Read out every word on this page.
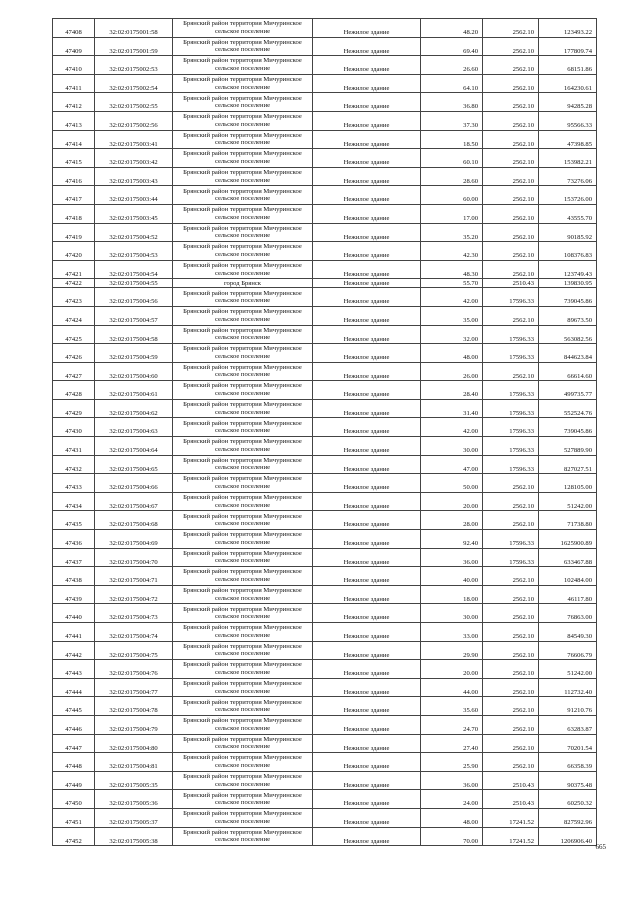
47408	32:02:0175001:58	Брянский район территория Мичуринское сельское поселение	Нежилое здание	48.20	2562.10	123493.22
47409	32:02:0175001:59	Брянский район территория Мичуринское сельское поселение	Нежилое здание	69.40	2562.10	177809.74
47410	32:02:0175002:53	Брянский район территория Мичуринское сельское поселение	Нежилое здание	26.60	2562.10	68151.86
47411	32:02:0175002:54	Брянский район территория Мичуринское сельское поселение	Нежилое здание	64.10	2562.10	164230.61
47412	32:02:0175002:55	Брянский район территория Мичуринское сельское поселение	Нежилое здание	36.80	2562.10	94285.28
47413	32:02:0175002:56	Брянский район территория Мичуринское сельское поселение	Нежилое здание	37.30	2562.10	95566.33
47414	32:02:0175003:41	Брянский район территория Мичуринское сельское поселение	Нежилое здание	18.50	2562.10	47398.85
47415	32:02:0175003:42	Брянский район территория Мичуринское сельское поселение	Нежилое здание	60.10	2562.10	153982.21
47416	32:02:0175003:43	Брянский район территория Мичуринское сельское поселение	Нежилое здание	28.60	2562.10	73276.06
47417	32:02:0175003:44	Брянский район территория Мичуринское сельское поселение	Нежилое здание	60.00	2562.10	153726.00
47418	32:02:0175003:45	Брянский район территория Мичуринское сельское поселение	Нежилое здание	17.00	2562.10	43555.70
47419	32:02:0175004:52	Брянский район территория Мичуринское сельское поселение	Нежилое здание	35.20	2562.10	90185.92
47420	32:02:0175004:53	Брянский район территория Мичуринское сельское поселение	Нежилое здание	42.30	2562.10	108376.83
47421	32:02:0175004:54	Брянский район территория Мичуринское сельское поселение	Нежилое здание	48.30	2562.10	123749.43
47422	32:02:0175004:55	город Брянск	Нежилое здание	55.70	2510.43	139830.95
47423	32:02:0175004:56	Брянский район территория Мичуринское сельское поселение	Нежилое здание	42.00	17596.33	739045.86
47424	32:02:0175004:57	Брянский район территория Мичуринское сельское поселение	Нежилое здание	35.00	2562.10	89673.50
47425	32:02:0175004:58	Брянский район территория Мичуринское сельское поселение	Нежилое здание	32.00	17596.33	563082.56
47426	32:02:0175004:59	Брянский район территория Мичуринское сельское поселение	Нежилое здание	48.00	17596.33	844623.84
47427	32:02:0175004:60	Брянский район территория Мичуринское сельское поселение	Нежилое здание	26.00	2562.10	66614.60
47428	32:02:0175004:61	Брянский район территория Мичуринское сельское поселение	Нежилое здание	28.40	17596.33	499735.77
47429	32:02:0175004:62	Брянский район территория Мичуринское сельское поселение	Нежилое здание	31.40	17596.33	552524.76
47430	32:02:0175004:63	Брянский район территория Мичуринское сельское поселение	Нежилое здание	42.00	17596.33	739045.86
47431	32:02:0175004:64	Брянский район территория Мичуринское сельское поселение	Нежилое здание	30.00	17596.33	527889.90
47432	32:02:0175004:65	Брянский район территория Мичуринское сельское поселение	Нежилое здание	47.00	17596.33	827027.51
47433	32:02:0175004:66	Брянский район территория Мичуринское сельское поселение	Нежилое здание	50.00	2562.10	128105.00
47434	32:02:0175004:67	Брянский район территория Мичуринское сельское поселение	Нежилое здание	20.00	2562.10	51242.00
47435	32:02:0175004:68	Брянский район территория Мичуринское сельское поселение	Нежилое здание	28.00	2562.10	71738.80
47436	32:02:0175004:69	Брянский район территория Мичуринское сельское поселение	Нежилое здание	92.40	17596.33	1625900.89
47437	32:02:0175004:70	Брянский район территория Мичуринское сельское поселение	Нежилое здание	36.00	17596.33	633467.88
47438	32:02:0175004:71	Брянский район территория Мичуринское сельское поселение	Нежилое здание	40.00	2562.10	102484.00
47439	32:02:0175004:72	Брянский район территория Мичуринское сельское поселение	Нежилое здание	18.00	2562.10	46117.80
47440	32:02:0175004:73	Брянский район территория Мичуринское сельское поселение	Нежилое здание	30.00	2562.10	76863.00
47441	32:02:0175004:74	Брянский район территория Мичуринское сельское поселение	Нежилое здание	33.00	2562.10	84549.30
47442	32:02:0175004:75	Брянский район территория Мичуринское сельское поселение	Нежилое здание	29.90	2562.10	76606.79
47443	32:02:0175004:76	Брянский район территория Мичуринское сельское поселение	Нежилое здание	20.00	2562.10	51242.00
47444	32:02:0175004:77	Брянский район территория Мичуринское сельское поселение	Нежилое здание	44.00	2562.10	112732.40
47445	32:02:0175004:78	Брянский район территория Мичуринское сельское поселение	Нежилое здание	35.60	2562.10	91210.76
47446	32:02:0175004:79	Брянский район территория Мичуринское сельское поселение	Нежилое здание	24.70	2562.10	63283.87
47447	32:02:0175004:80	Брянский район территория Мичуринское сельское поселение	Нежилое здание	27.40	2562.10	70201.54
47448	32:02:0175004:81	Брянский район территория Мичуринское сельское поселение	Нежилое здание	25.90	2562.10	66358.39
47449	32:02:0175005:35	Брянский район территория Мичуринское сельское поселение	Нежилое здание	36.00	2510.43	90375.48
47450	32:02:0175005:36	Брянский район территория Мичуринское сельское поселение	Нежилое здание	24.00	2510.43	60250.32
47451	32:02:0175005:37	Брянский район территория Мичуринское сельское поселение	Нежилое здание	48.00	17241.52	827592.96
47452	32:02:0175005:38	Брянский район территория Мичуринское сельское поселение	Нежилое здание	70.00	17241.52	1206906.40
665
